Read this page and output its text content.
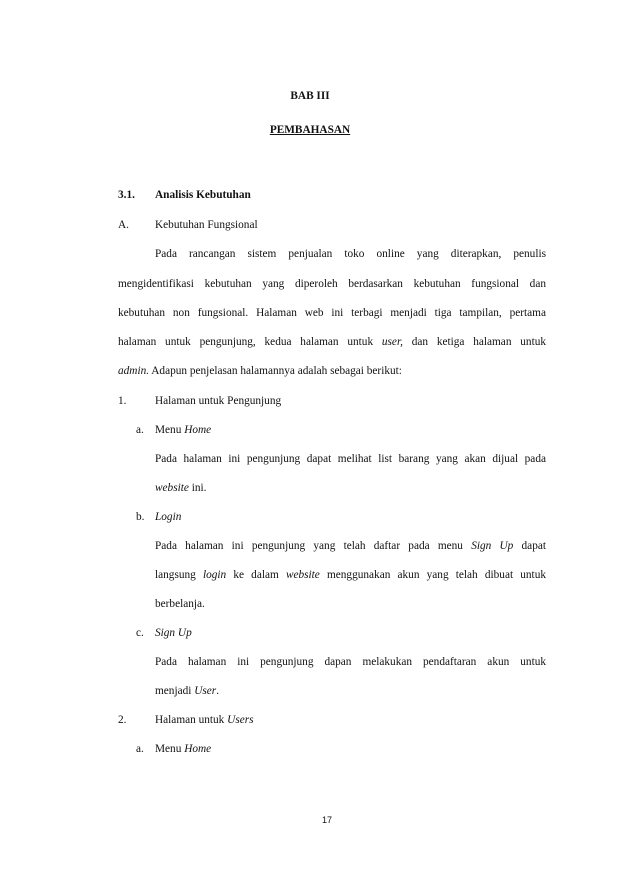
BAB III
PEMBAHASAN
3.1. Analisis Kebutuhan
A. Kebutuhan Fungsional
Pada rancangan sistem penjualan toko online yang diterapkan, penulis
mengidentifikasi kebutuhan yang diperoleh berdasarkan kebutuhan fungsional dan
kebutuhan non fungsional. Halaman web ini terbagi menjadi tiga tampilan, pertama
halaman untuk pengunjung, kedua halaman untuk user, dan ketiga halaman untuk
admin. Adapun penjelasan halamannya adalah sebagai berikut:
1.	Halaman untuk Pengunjung
a. Menu Home
Pada halaman ini pengunjung dapat melihat list barang yang akan dijual pada
website ini.
b. Login
Pada halaman ini pengunjung yang telah daftar pada menu Sign Up dapat
langsung login ke dalam website menggunakan akun yang telah dibuat untuk
berbelanja.
c. Sign Up
Pada halaman ini pengunjung dapan melakukan pendaftaran akun untuk
menjadi User.
2.	Halaman untuk Users
a. Menu Home
17
